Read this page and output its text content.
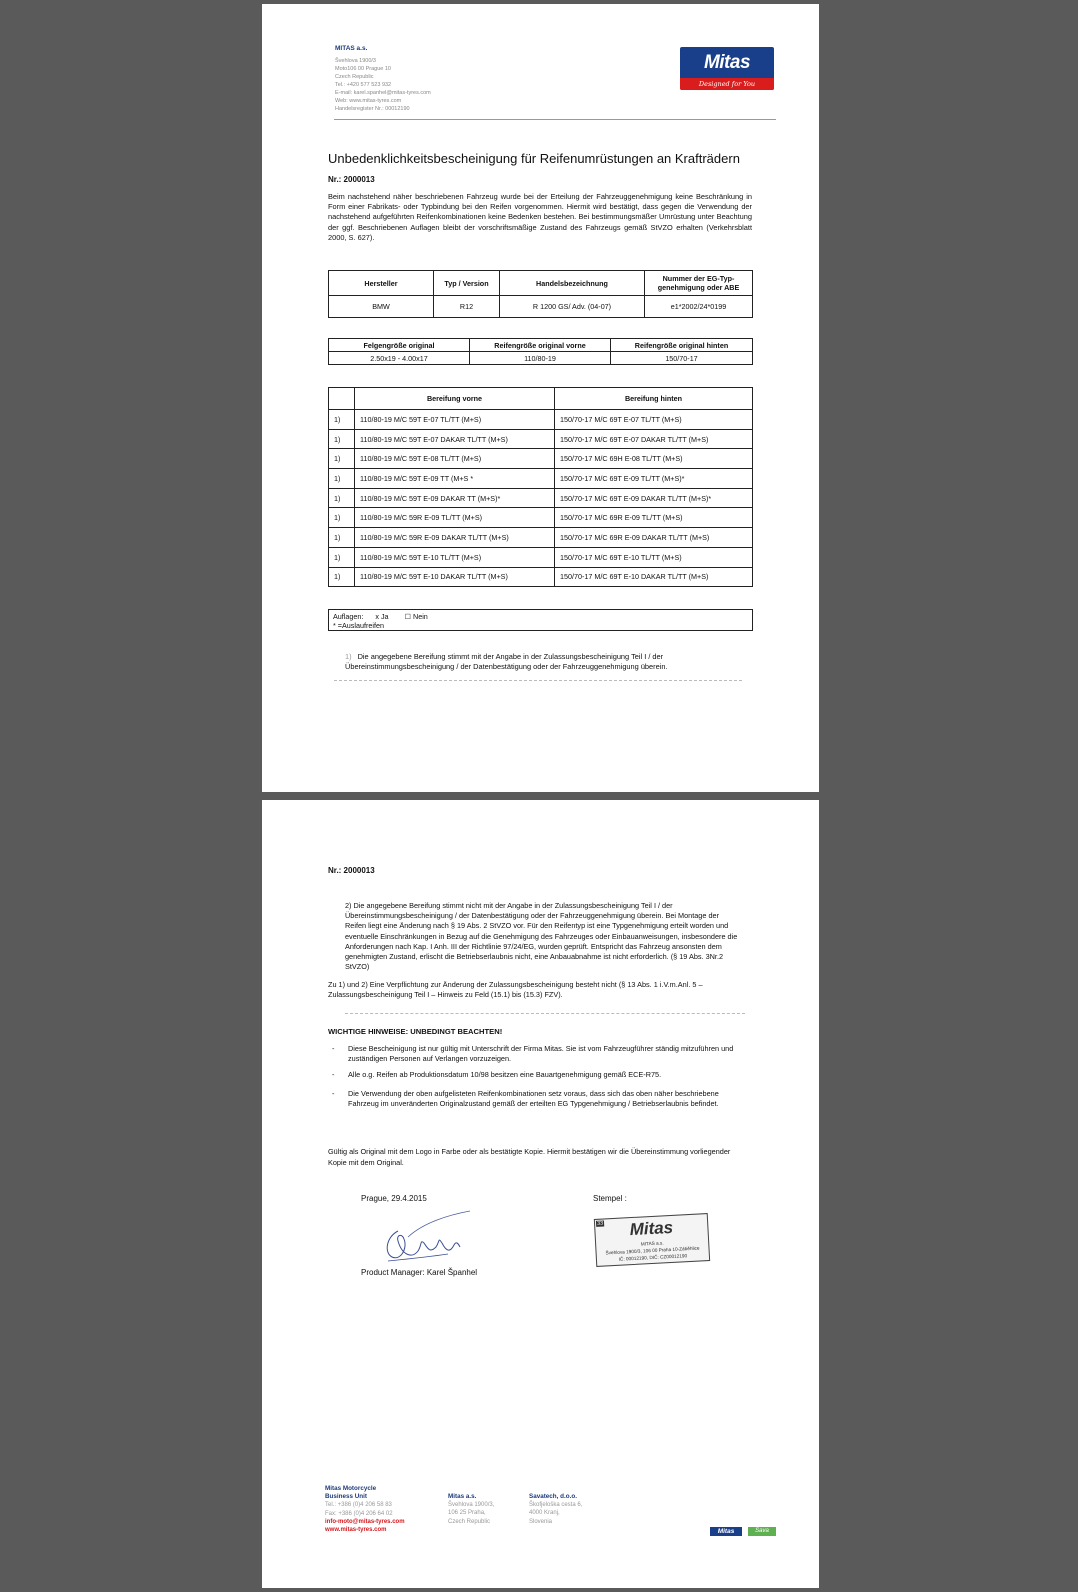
MITAS a.s.
Švehlova 1900/3
Moto106 00 Prague 10
Czech Republic
Tel.: +420 577 523 932
E-mail: karel.spanhel@mitas-tyres.com
Web: www.mitas-tyres.com
Handelsregister Nr.: 00012190
Mitas
Designed for You
Unbedenklichkeitsbescheinigung für Reifenumrüstungen an Krafträdern
Nr.: 2000013
Beim nachstehend näher beschriebenen Fahrzeug wurde bei der Erteilung der Fahrzeuggenehmigung keine Beschränkung in Form einer Fabrikats- oder Typbindung bei den Reifen vorgenommen. Hiermit wird bestätigt, dass gegen die Verwendung der nachstehend aufgeführten Reifenkombinationen keine Bedenken bestehen. Bei bestimmungsmäßer Umrüstung unter Beachtung der ggf. Beschriebenen Auflagen bleibt der vorschriftsmäßige Zustand des Fahrzeugs gemäß StVZO erhalten (Verkehrsblatt 2000, S. 627).
Hersteller	Typ / Version	Handelsbezeichnung	Nummer der EG-Typ-genehmigung oder ABE
BMW	R12	R 1200 GS/ Adv. (04-07)	e1*2002/24*0199
Felgengröße original	Reifengröße original vorne	Reifengröße original hinten
2.50x19 - 4.00x17	110/80-19	150/70-17
	Bereifung vorne	Bereifung hinten
1)	110/80-19 M/C 59T E-07 TL/TT (M+S)	150/70-17 M/C 69T E-07 TL/TT (M+S)
1)	110/80-19 M/C 59T E-07 DAKAR TL/TT (M+S)	150/70-17 M/C 69T E-07 DAKAR TL/TT (M+S)
1)	110/80-19 M/C 59T E-08 TL/TT (M+S)	150/70-17 M/C 69H E-08 TL/TT (M+S)
1)	110/80-19 M/C 59T E-09 TT (M+S *	150/70-17 M/C 69T E-09 TL/TT (M+S)*
1)	110/80-19 M/C 59T E-09 DAKAR TT (M+S)*	150/70-17 M/C 69T E-09 DAKAR TL/TT (M+S)*
1)	110/80-19 M/C 59R E-09 TL/TT (M+S)	150/70-17 M/C 69R E-09 TL/TT (M+S)
1)	110/80-19 M/C 59R E-09 DAKAR TL/TT (M+S)	150/70-17 M/C 69R E-09 DAKAR TL/TT (M+S)
1)	110/80-19 M/C 59T E-10 TL/TT (M+S)	150/70-17 M/C 69T E-10 TL/TT (M+S)
1)	110/80-19 M/C 59T E-10 DAKAR TL/TT (M+S)	150/70-17 M/C 69T E-10 DAKAR TL/TT (M+S)
Auflagen: x Ja ☐ Nein
* =Auslaufreifen
1) Die angegebene Bereifung stimmt mit der Angabe in der Zulassungsbescheinigung Teil I / der Übereinstimmungsbescheinigung / der Datenbestätigung oder der Fahrzeuggenehmigung überein.
Nr.: 2000013
2) Die angegebene Bereifung stimmt nicht mit der Angabe in der Zulassungsbescheinigung Teil I / der Übereinstimmungsbescheinigung / der Datenbestätigung oder der Fahrzeuggenehmigung überein. Bei Montage der Reifen liegt eine Änderung nach § 19 Abs. 2 StVZO vor. Für den Reifentyp ist eine Typgenehmigung erteilt worden und eventuelle Einschränkungen in Bezug auf die Genehmigung des Fahrzeuges oder Einbauanweisungen, insbesondere die Anforderungen nach Kap. I Anh. III der Richtlinie 97/24/EG, wurden geprüft. Entspricht das Fahrzeug ansonsten dem genehmigten Zustand, erlischt die Betriebserlaubnis nicht, eine Anbauabnahme ist nicht erforderlich. (§ 19 Abs. 3Nr.2 StVZO)
Zu 1) und 2) Eine Verpflichtung zur Änderung der Zulassungsbescheinigung besteht nicht (§ 13 Abs. 1 i.V.m.Anl. 5 – Zulassungsbescheinigung Teil I – Hinweis zu Feld (15.1) bis (15.3) FZV).
WICHTIGE HINWEISE: UNBEDINGT BEACHTEN!
-	Diese Bescheinigung ist nur gültig mit Unterschrift der Firma Mitas. Sie ist vom Fahrzeugführer ständig mitzuführen und zuständigen Personen auf Verlangen vorzuzeigen.
-	Alle o.g. Reifen ab Produktionsdatum 10/98 besitzen eine Bauartgenehmigung gemäß ECE-R75.
-	Die Verwendung der oben aufgelisteten Reifenkombinationen setz voraus, dass sich das oben näher beschriebene Fahrzeug im unveränderten Originalzustand gemäß der erteilten EG Typgenehmigung / Betriebserlaubnis befindet.
Gültig als Original mit dem Logo in Farbe oder als bestätigte Kopie. Hiermit bestätigen wir die Übereinstimmung vorliegender Kopie mit dem Original.
Prague, 29.4.2015	Stempel :
33	Mitas
MITAS a.s.
Švehlova 1900/3, 106 00 Praha 10-Záběhlice
IČ: 00012190, DIČ: CZ00012190
Product Manager: Karel Španhel
Mitas Motorcycle
Business Unit
Tel.: +386 (0)4 206 58 83
Fax: +386 (0)4 206 64 02
info-moto@mitas-tyres.com
www.mitas-tyres.com
Mitas a.s.
Švehlova 1900/3,
106 25 Praha,
Czech Republic
Savatech, d.o.o.
Škofjeloška cesta 6,
4000 Kranj,
Slovenia
Mitas	Sava
